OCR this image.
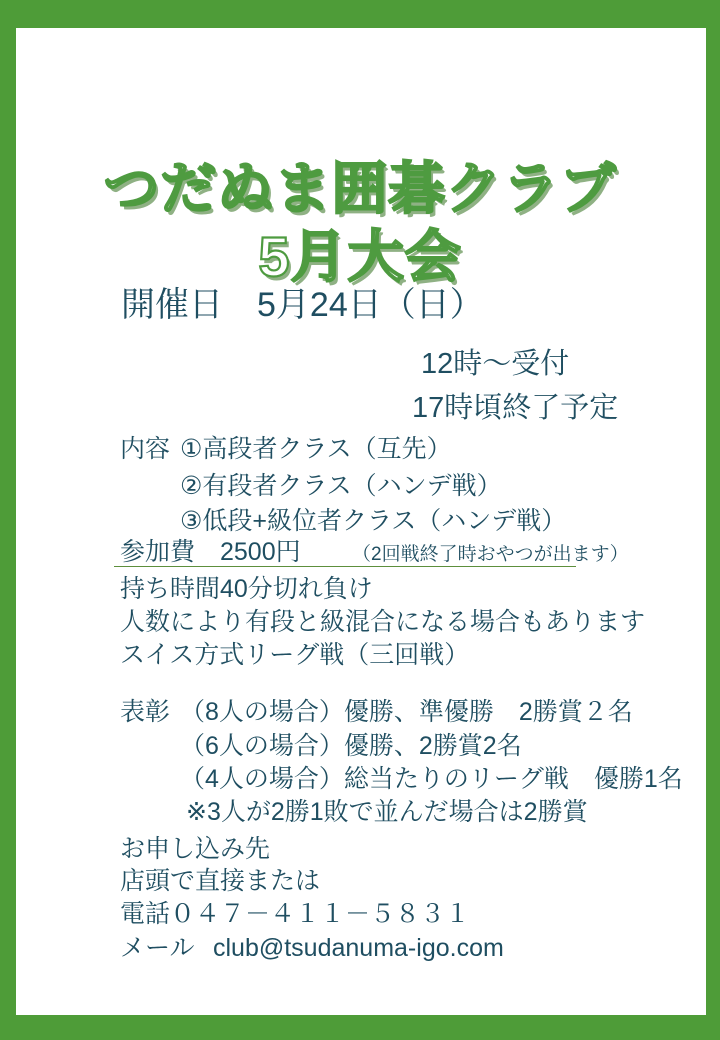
つだぬま囲碁クラブ
5月大会
開催日　5月24日（日）
12時～受付
17時頃終了予定
内容 ①高段者クラス（互先）
②有段者クラス（ハンデ戦）
③低段+級位者クラス（ハンデ戦）
参加費 2500円	（2回戦終了時おやつが出ます）
持ち時間40分切れ負け
人数により有段と級混合になる場合もあります
スイス方式リーグ戦（三回戦）
表彰 （8人の場合）優勝、準優勝　2勝賞２名
（6人の場合）優勝、2勝賞2名
（4人の場合）総当たりのリーグ戦　優勝1名
※3人が2勝1敗で並んだ場合は2勝賞
お申し込み先
店頭で直接または
電話０４７－４１１－５８３１
メール club@tsudanuma-igo.com
